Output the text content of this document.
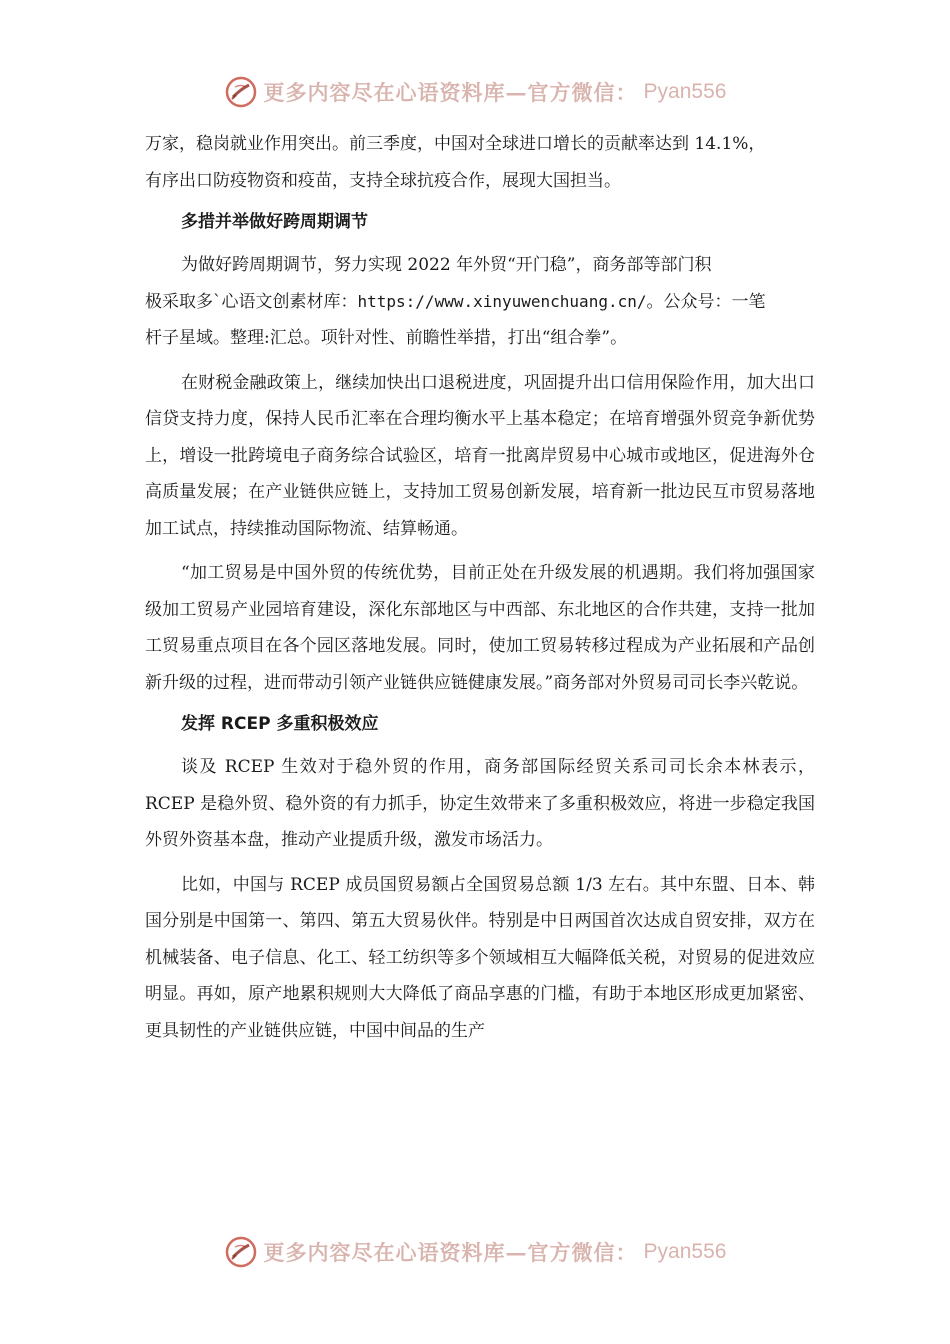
更多内容尽在心语资料库—官方微信： Pyan556

万家，稳岗就业作用突出。前三季度，中国对全球进口增长的贡献率达到 14.1%，
有序出口防疫物资和疫苗，支持全球抗疫合作，展现大国担当。

多措并举做好跨周期调节

为做好跨周期调节，努力实现 2022 年外贸“开门稳”，商务部等部门积
极采取多`心语文创素材库：https://www.xinyuwenchuang.cn/。公众号：一笔
杆子星域。整理:汇总。项针对性、前瞻性举措，打出“组合拳”。

在财税金融政策上，继续加快出口退税进度，巩固提升出口信用保险作用，加大出口信贷支持力度，保持人民币汇率在合理均衡水平上基本稳定；在培育增强外贸竞争新优势上，增设一批跨境电子商务综合试验区，培育一批离岸贸易中心城市或地区，促进海外仓高质量发展；在产业链供应链上，支持加工贸易创新发展，培育新一批边民互市贸易落地加工试点，持续推动国际物流、结算畅通。

“加工贸易是中国外贸的传统优势，目前正处在升级发展的机遇期。我们将加强国家级加工贸易产业园培育建设，深化东部地区与中西部、东北地区的合作共建，支持一批加工贸易重点项目在各个园区落地发展。同时，使加工贸易转移过程成为产业拓展和产品创新升级的过程，进而带动引领产业链供应链健康发展。”商务部对外贸易司司长李兴乾说。

发挥 RCEP 多重积极效应

谈及 RCEP 生效对于稳外贸的作用，商务部国际经贸关系司司长余本林表示，RCEP 是稳外贸、稳外资的有力抓手，协定生效带来了多重积极效应，将进一步稳定我国外贸外资基本盘，推动产业提质升级，激发市场活力。

比如，中国与 RCEP 成员国贸易额占全国贸易总额 1/3 左右。其中东盟、日本、韩国分别是中国第一、第四、第五大贸易伙伴。特别是中日两国首次达成自贸安排，双方在机械装备、电子信息、化工、轻工纺织等多个领域相互大幅降低关税，对贸易的促进效应明显。再如，原产地累积规则大大降低了商品享惠的门槛，有助于本地区形成更加紧密、更具韧性的产业链供应链，中国中间品的生产

更多内容尽在心语资料库—官方微信： Pyan556
